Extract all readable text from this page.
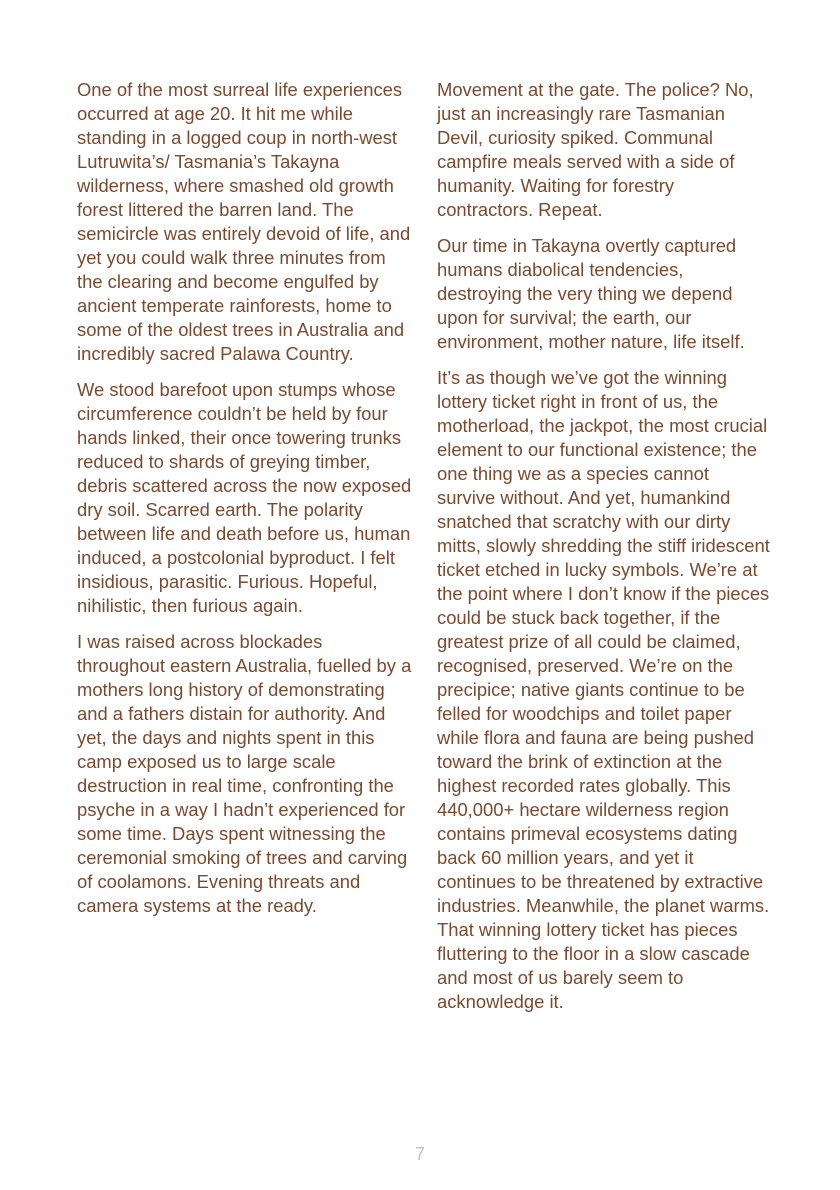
One of the most surreal life experiences occurred at age 20. It hit me while standing in a logged coup in north-west Lutruwita’s/ Tasmania’s Takayna wilderness, where smashed old growth forest littered the barren land. The semicircle was entirely devoid of life, and yet you could walk three minutes from the clearing and become engulfed by ancient temperate rainforests, home to some of the oldest trees in Australia and incredibly sacred Palawa Country.

We stood barefoot upon stumps whose circumference couldn’t be held by four hands linked, their once towering trunks reduced to shards of greying timber, debris scattered across the now exposed dry soil. Scarred earth. The polarity between life and death before us, human induced, a postcolonial byproduct. I felt insidious, parasitic. Furious. Hopeful, nihilistic, then furious again.

I was raised across blockades throughout eastern Australia, fuelled by a mothers long history of demonstrating and a fathers distain for authority. And yet, the days and nights spent in this camp exposed us to large scale destruction in real time, confronting the psyche in a way I hadn’t experienced for some time. Days spent witnessing the ceremonial smoking of trees and carving of coolamons. Evening threats and camera systems at the ready.

Movement at the gate. The police? No, just an increasingly rare Tasmanian Devil, curiosity spiked. Communal campfire meals served with a side of humanity. Waiting for forestry contractors. Repeat.

Our time in Takayna overtly captured humans diabolical tendencies, destroying the very thing we depend upon for survival; the earth, our environment, mother nature, life itself.

It’s as though we’ve got the winning lottery ticket right in front of us, the motherload, the jackpot, the most crucial element to our functional existence; the one thing we as a species cannot survive without. And yet, humankind snatched that scratchy with our dirty mitts, slowly shredding the stiff iridescent ticket etched in lucky symbols. We’re at the point where I don’t know if the pieces could be stuck back together, if the greatest prize of all could be claimed, recognised, preserved. We’re on the precipice; native giants continue to be felled for woodchips and toilet paper while flora and fauna are being pushed toward the brink of extinction at the highest recorded rates globally. This 440,000+ hectare wilderness region contains primeval ecosystems dating back 60 million years, and yet it continues to be threatened by extractive industries. Meanwhile, the planet warms. That winning lottery ticket has pieces fluttering to the floor in a slow cascade and most of us barely seem to acknowledge it.

7
